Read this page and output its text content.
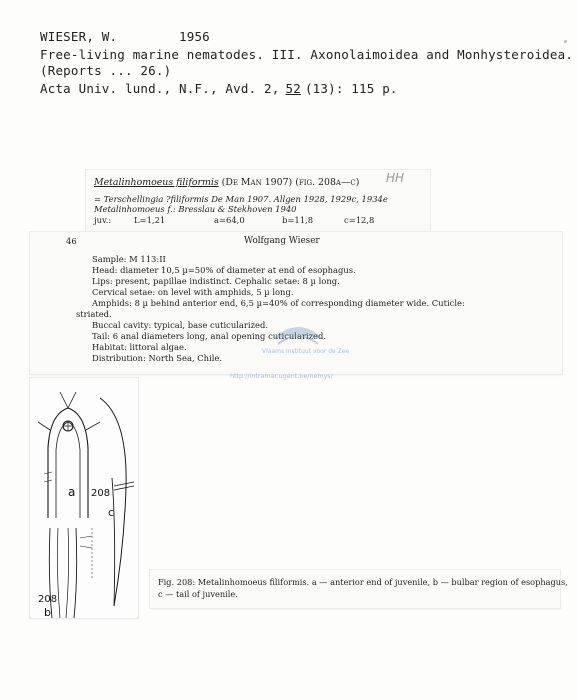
WIESER, W.	1956
Free-living marine nematodes. III. Axonolaimoidea and Monhysteroidea.
(Reports ... 26.)
Acta Univ. lund., N.F., Avd. 2, 52 (13): 115 p.
Metalinhomoeus filiformis (De Man 1907) (fig. 208a—c) HH
= Terschellingia ?filiformis De Man 1907. Allgen 1928, 1929c, 1934e
Metalinhomoeus f.: Bresslau & Stekhoven 1940
juv.:	L=1,21	a=64,0	b=11,8	c=12,8
46	Wolfgang Wieser
Sample: M 113:II
Head: diameter 10,5 µ=50% of diameter at end of esophagus.
Lips: present, papillae indistinct. Cephalic setae: 8 µ long.
Cervical setae: on level with amphids, 5 µ long.
Amphids: 8 µ behind anterior end, 6,5 µ=40% of corresponding diameter wide. Cuticle:
striated.
Buccal cavity: typical, base cuticularized.
Tail: 6 anal diameters long, anal opening cuticularized.
Habitat: littoral algae.
Distribution: North Sea, Chile.
Vlaams Instituut voor de Zee
http://intramar.ugent.be/nemys/
a 208
c
208
b
Fig. 208: Metalinhomoeus filiformis. a — anterior end of juvenile, b — bulbar region of esophagus,
c — tail of juvenile.
